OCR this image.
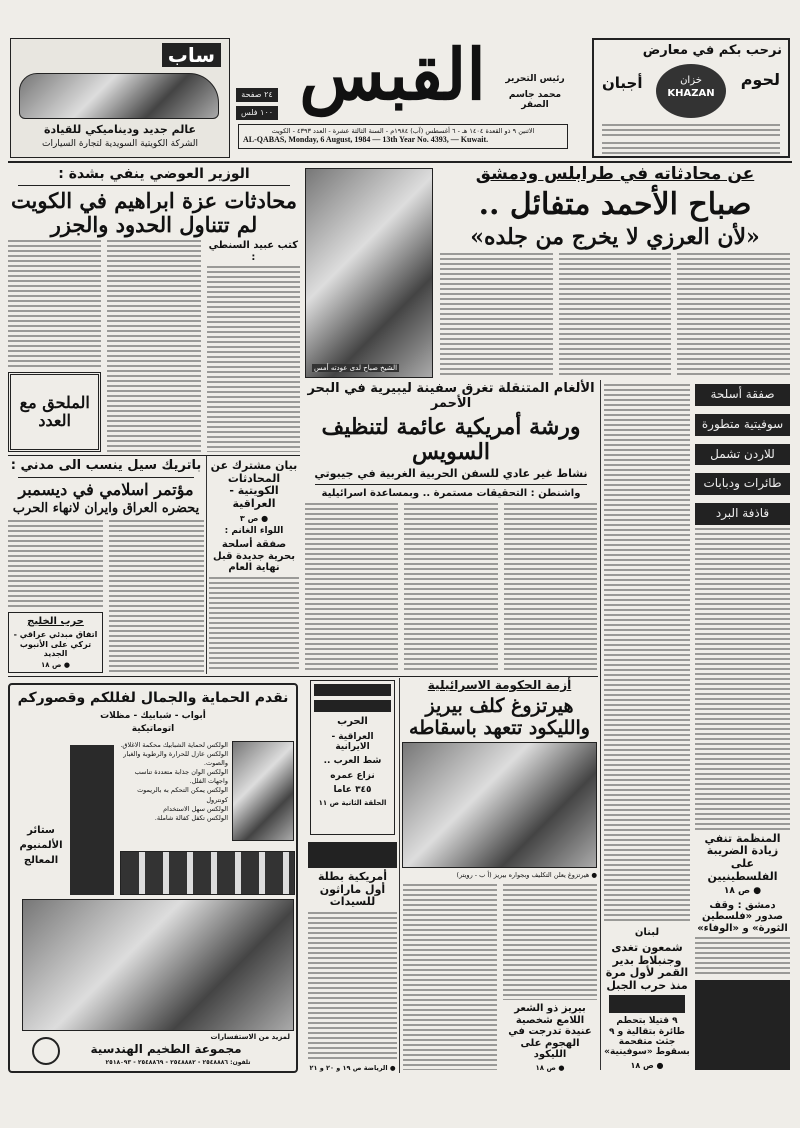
ساب
عالم جديد وديناميكي للقيادة
الشركة الكويتية السويدية لتجارة السيارات
٢٤ صفحة
١٠٠ فلس القبس	رئيس التحرير
محمد جاسم الصقر
الاثنين ٩ ذو القعدة ١٤٠٤ هـ - ٦ أغسطس (آب) ١٩٨٤م - السنة الثالثة عشرة - العدد ٤٣٩٣ - الكويت
AL-QABAS, Monday, 6 August, 1984 — 13th Year No. 4393, — Kuwait.
نرحب بكم في معارض
لحوم
أجبان	خزان
KHAZAN
الوزير العوضي ينفي بشدة :
محادثات عزة ابراهيم في الكويت لم تتناول الحدود والجزر
كتب عبيد السنطي :
الملحق مع العدد
الشيخ صباح لدى عودته أمس
عن محادثاته في طرابلس ودمشق
صباح الأحمد متفائل ..
«لأن العرزي لا يخرج من جلده»
الألغام المتنقلة تغرق سفينة ليبيرية في البحر الأحمر
ورشة أمريكية عائمة لتنظيف السويس
نشاط غير عادي للسفن الحربية الغربية في جيبوتي
واشنطن : التحقيقات مستمرة .. وبمساعدة اسرائيلية
لبنان
شمعون تغدى وجنبلاط بدير القمر لأول مرة منذ حرب الجبل
٩ قتيلا بتحطم طائرة بتقالية و ٩ جثث متفحمة بسقوط «سوفينية»
● ص ١٨
صفقة أسلحة
سوفيتية متطورة
للاردن تشمل
طائرات ودبابات
قاذفة البرد
المنظمة تنفي زيادة الضريبة على الفلسطينيين
● ص ١٨
دمشق : وقف صدور «فلسطين الثورة» و «الوفاء»
باتريك سيل ينسب الى مدني :
مؤتمر اسلامي في ديسمبر
يحضره العراق وايران لانهاء الحرب
حرب الخليج
اتفاق مبدئي عراقي - تركي على الأنبوب الجديد
● ص ١٨
بيان مشترك عن المحادثات الكويتية - العراقية
● ص ٣
اللواء الغانم :
صفقة أسلحة بحرية جديدة قبل نهاية العام
نقدم الحماية والجمال لفللكم وقصوركم
أبواب - شبابيك - مظلات
اتوماتيكية
الولكس لحماية الشبابيك محكمة الاغلاق.
الولكس عازل للحرارة والرطوبة والغبار والصوت.
الولكس الوان جذابة متعددة تناسب واجهات الفلل.
الولكس يمكن التحكم به بالريموت كونترول
الولكس سهل الاستخدام
الولكس تكفل كفالة شاملة.
ستائر
الألمنيوم
المعالج
لمزيد من الاستفسارات
مجموعة الطخيم الهندسية
تلفون: ٢٥٤٨٨٨٦ - ٢٥٤٨٨٨٢ - ٢٥٤٨٨٦٩ - ٢٥١٨٠٩٣
الحرب
العراقية - الايرانية
شط العرب ..
نزاع عمره
٣٤٥ عاما
الحلقة الثانية ص ١١
أزمة الحكومة الاسرائيلية
هيرتزوغ كلف بيريز والليكود تتعهد باسقاطه
● هيرتزوغ يعلن التكليف وبجواره بيريز (أ ب - رويتر)
أمريكية بطلة أول ماراثون للسيدات
● الرياضة ص ١٩ و ٢٠ و ٢١
بيريز ذو الشعر اللامع شخصية عنيدة تدرجت في الهجوم على الليكود
● ص ١٨
